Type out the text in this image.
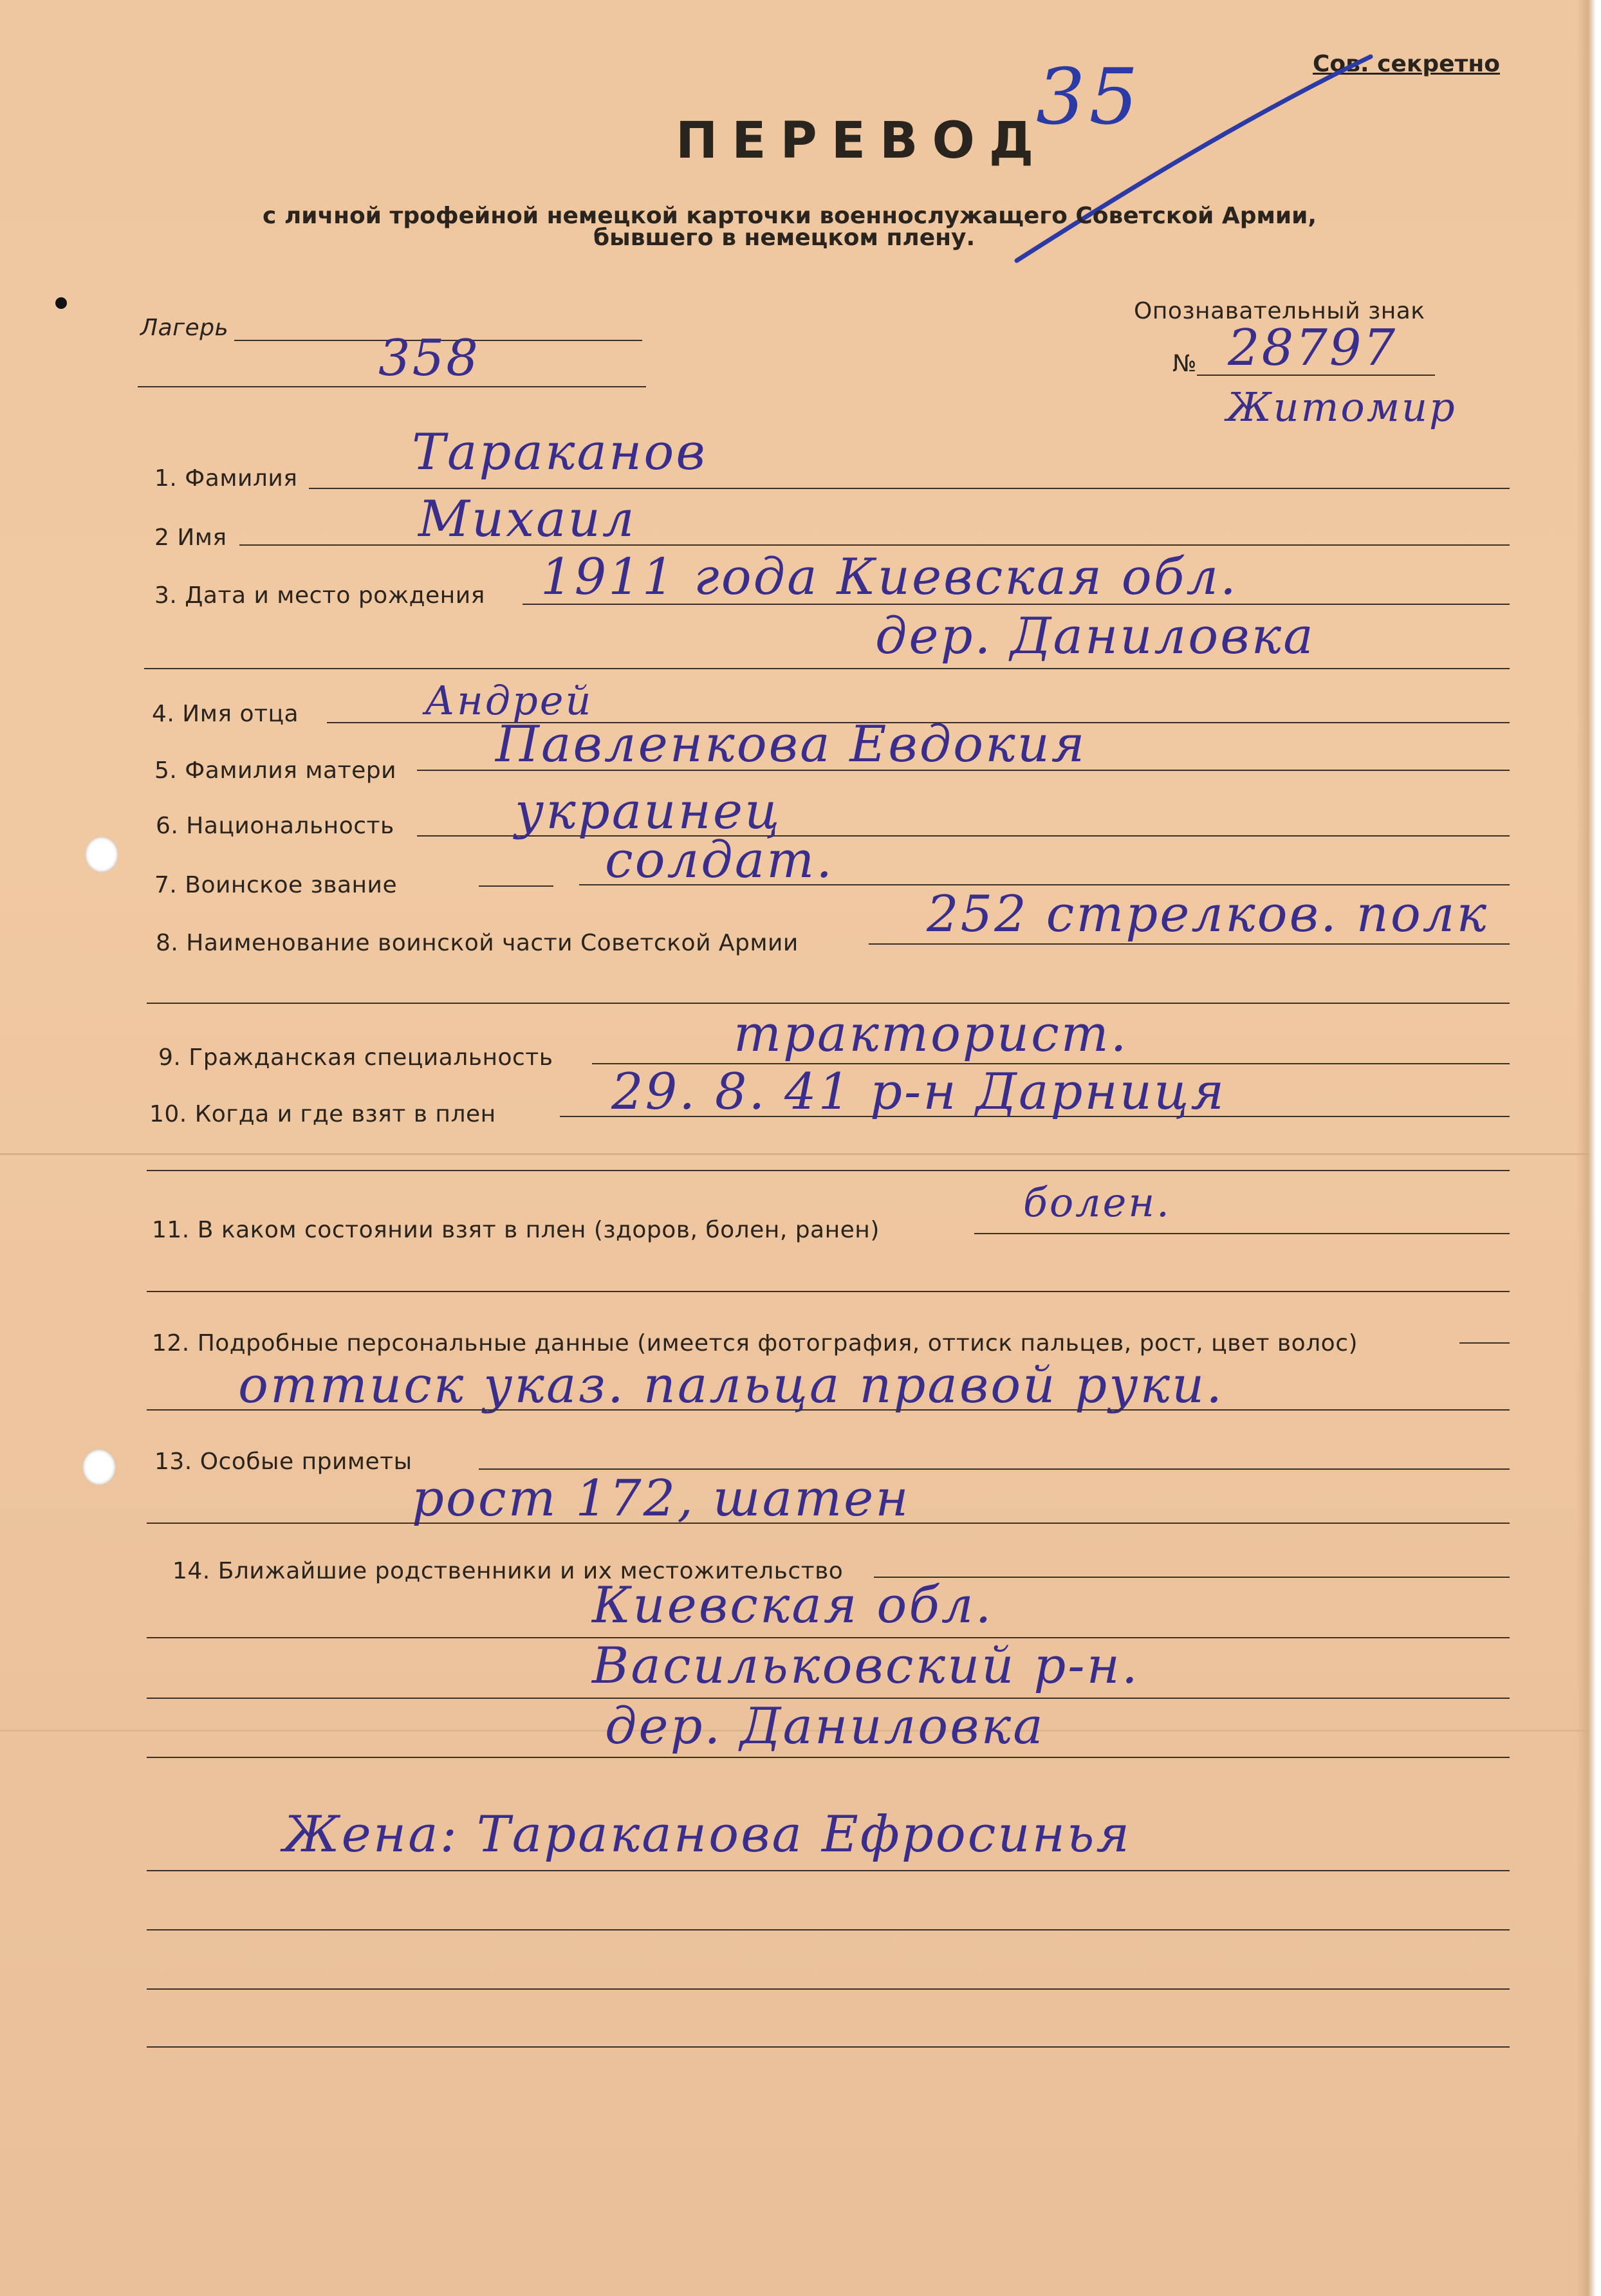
Сов. секретно
35
ПЕРЕВОД
с личной трофейной немецкой карточки военнослужащего Советской Армии,
бывшего в немецком плену.
Лагерь
358
Опознавательный знак
№ 28797
Житомир
1. Фамилия Тараканов
2 Имя	Михаил
3. Дата и место рождения 1911 года Киевская обл.
дер. Даниловка
4. Имя отца	Андрей
5. Фамилия матери Павленкова Евдокия
6. Национальность украинец
7. Воинское звание	солдат.
8. Наименование воинской части Советской Армии	252 стрелков. полк
9. Гражданская специальность	тракторист.
10. Когда и где взят в плен 29. 8. 41 р-н Дарниця
11. В каком состоянии взят в плен (здоров, болен, ранен)
болен.
12. Подробные персональные данные (имеется фотография, оттиск пальцев, рост, цвет волос)
оттиск указ. пальца правой руки.
13. Особые приметы
рост 172, шатен
14. Ближайшие родственники и их местожительство
Киевская обл.
Васильковский р-н.
дер. Даниловка
Жена: Тараканова Ефросинья
